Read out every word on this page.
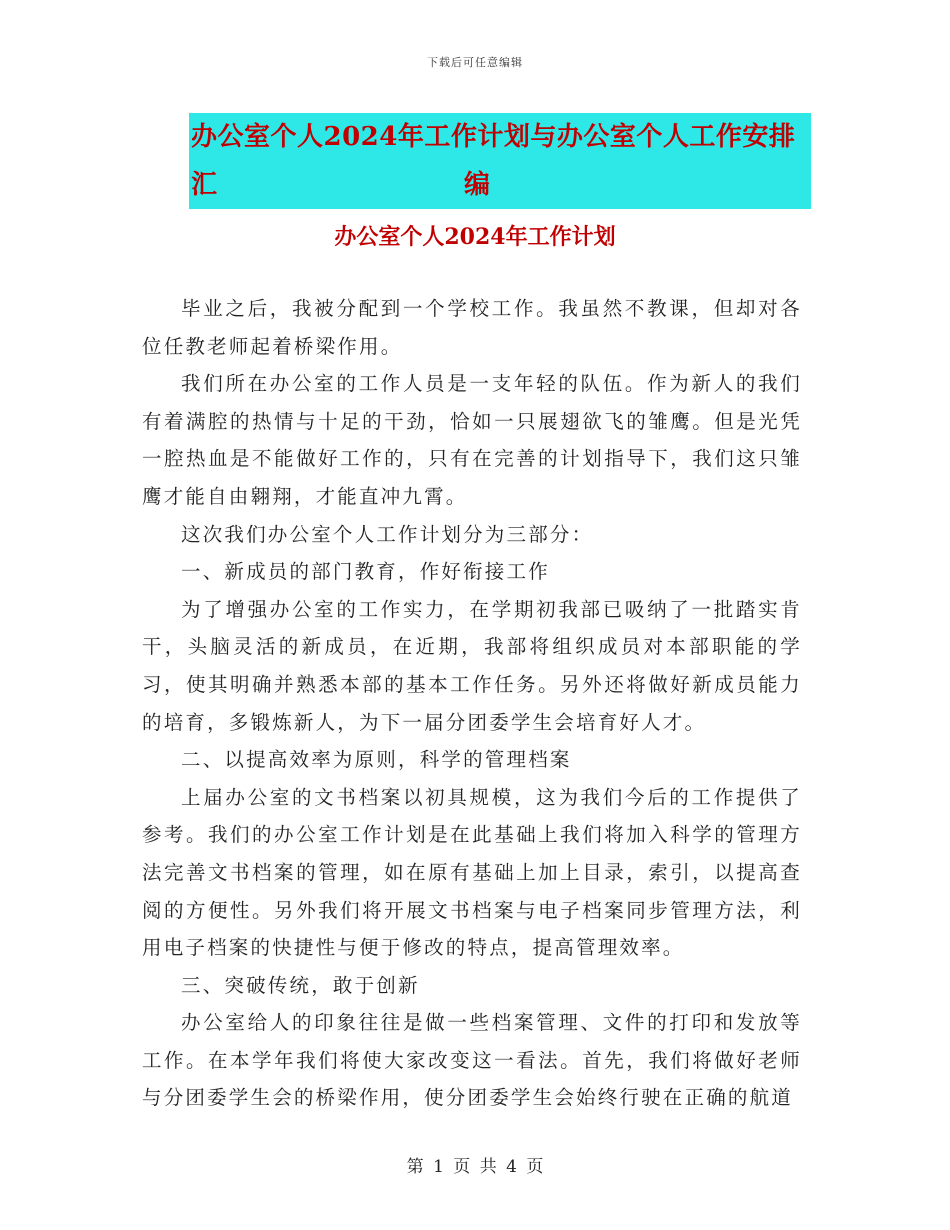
下载后可任意编辑
办公室个人2024年工作计划与办公室个人工作安排汇	编
办公室个人2024年工作计划

毕业之后，我被分配到一个学校工作。我虽然不教课，但却对各位任教老师起着桥梁作用。

我们所在办公室的工作人员是一支年轻的队伍。作为新人的我们有着满腔的热情与十足的干劲，恰如一只展翅欲飞的雏鹰。但是光凭一腔热血是不能做好工作的，只有在完善的计划指导下，我们这只雏鹰才能自由翱翔，才能直冲九霄。

这次我们办公室个人工作计划分为三部分：

一、新成员的部门教育，作好衔接工作

为了增强办公室的工作实力，在学期初我部已吸纳了一批踏实肯干，头脑灵活的新成员，在近期，我部将组织成员对本部职能的学习，使其明确并熟悉本部的基本工作任务。另外还将做好新成员能力的培育，多锻炼新人，为下一届分团委学生会培育好人才。

二、以提高效率为原则，科学的管理档案

上届办公室的文书档案以初具规模，这为我们今后的工作提供了参考。我们的办公室工作计划是在此基础上我们将加入科学的管理方法完善文书档案的管理，如在原有基础上加上目录，索引，以提高查阅的方便性。另外我们将开展文书档案与电子档案同步管理方法，利用电子档案的快捷性与便于修改的特点，提高管理效率。

三、突破传统，敢于创新

办公室给人的印象往往是做一些档案管理、文件的打印和发放等工作。在本学年我们将使大家改变这一看法。首先，我们将做好老师与分团委学生会的桥梁作用，使分团委学生会始终行驶在正确的航道

第 1 页 共 4 页
